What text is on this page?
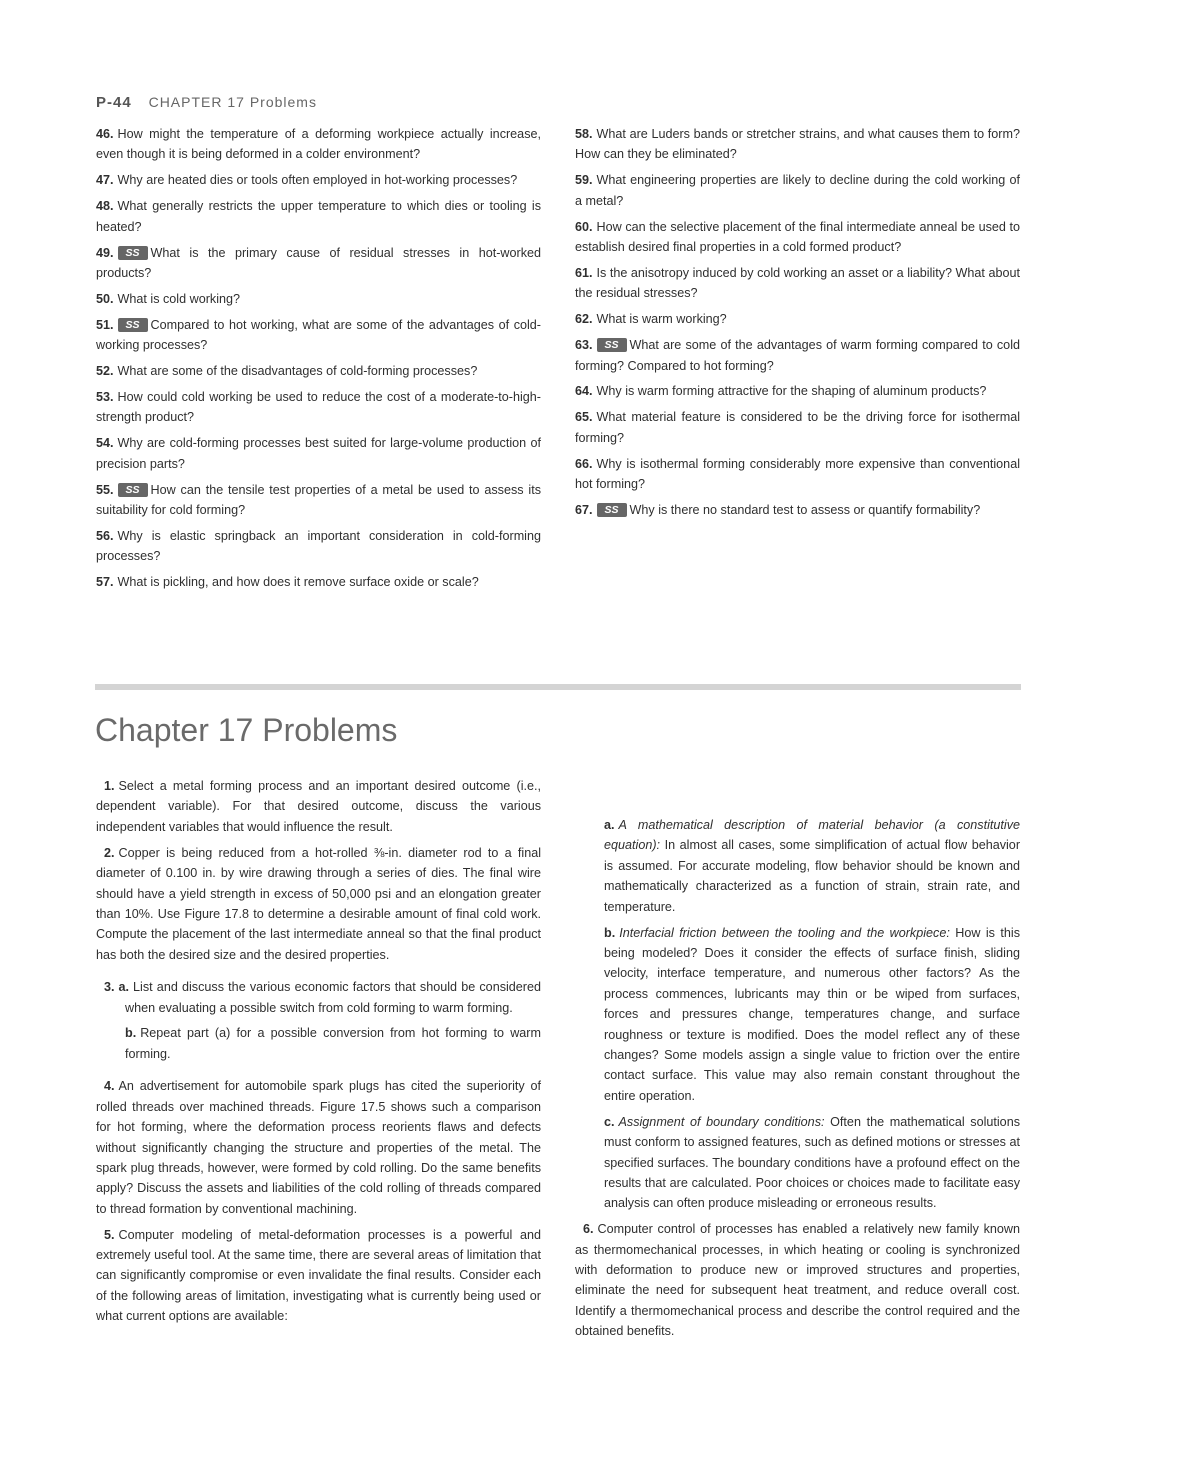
P-44 CHAPTER 17 Problems

46. How might the temperature of a deforming workpiece actually increase, even though it is being deformed in a colder environment?

47. Why are heated dies or tools often employed in hot-working processes?

48. What generally restricts the upper temperature to which dies or tooling is heated?

49. SS What is the primary cause of residual stresses in hot-worked products?

50. What is cold working?

51. SS Compared to hot working, what are some of the advantages of cold-working processes?

52. What are some of the disadvantages of cold-forming processes?

53. How could cold working be used to reduce the cost of a moderate-to-high-strength product?

54. Why are cold-forming processes best suited for large-volume production of precision parts?

55. SS How can the tensile test properties of a metal be used to assess its suitability for cold forming?

56. Why is elastic springback an important consideration in cold-forming processes?

57. What is pickling, and how does it remove surface oxide or scale?

58. What are Luders bands or stretcher strains, and what causes them to form? How can they be eliminated?

59. What engineering properties are likely to decline during the cold working of a metal?

60. How can the selective placement of the final intermediate anneal be used to establish desired final properties in a cold formed product?

61. Is the anisotropy induced by cold working an asset or a liability? What about the residual stresses?

62. What is warm working?

63. SS What are some of the advantages of warm forming compared to cold forming? Compared to hot forming?

64. Why is warm forming attractive for the shaping of aluminum products?

65. What material feature is considered to be the driving force for isothermal forming?

66. Why is isothermal forming considerably more expensive than conventional hot forming?

67. SS Why is there no standard test to assess or quantify formability?

Chapter 17 Problems

1. Select a metal forming process and an important desired outcome (i.e., dependent variable). For that desired outcome, discuss the various independent variables that would influence the result.

2. Copper is being reduced from a hot-rolled ⅜-in. diameter rod to a final diameter of 0.100 in. by wire drawing through a series of dies. The final wire should have a yield strength in excess of 50,000 psi and an elongation greater than 10%. Use Figure 17.8 to determine a desirable amount of final cold work. Compute the placement of the last intermediate anneal so that the final product has both the desired size and the desired properties.

3. a. List and discuss the various economic factors that should be considered when evaluating a possible switch from cold forming to warm forming.

b. Repeat part (a) for a possible conversion from hot forming to warm forming.

4. An advertisement for automobile spark plugs has cited the superiority of rolled threads over machined threads. Figure 17.5 shows such a comparison for hot forming, where the deformation process reorients flaws and defects without significantly changing the structure and properties of the metal. The spark plug threads, however, were formed by cold rolling. Do the same benefits apply? Discuss the assets and liabilities of the cold rolling of threads compared to thread formation by conventional machining.

5. Computer modeling of metal-deformation processes is a powerful and extremely useful tool. At the same time, there are several areas of limitation that can significantly compromise or even invalidate the final results. Consider each of the following areas of limitation, investigating what is currently being used or what current options are available:

a. A mathematical description of material behavior (a constitutive equation): In almost all cases, some simplification of actual flow behavior is assumed. For accurate modeling, flow behavior should be known and mathematically characterized as a function of strain, strain rate, and temperature.

b. Interfacial friction between the tooling and the workpiece: How is this being modeled? Does it consider the effects of surface finish, sliding velocity, interface temperature, and numerous other factors? As the process commences, lubricants may thin or be wiped from surfaces, forces and pressures change, temperatures change, and surface roughness or texture is modified. Does the model reflect any of these changes? Some models assign a single value to friction over the entire contact surface. This value may also remain constant throughout the entire operation.

c. Assignment of boundary conditions: Often the mathematical solutions must conform to assigned features, such as defined motions or stresses at specified surfaces. The boundary conditions have a profound effect on the results that are calculated. Poor choices or choices made to facilitate easy analysis can often produce misleading or erroneous results.

6. Computer control of processes has enabled a relatively new family known as thermomechanical processes, in which heating or cooling is synchronized with deformation to produce new or improved structures and properties, eliminate the need for subsequent heat treatment, and reduce overall cost. Identify a thermomechanical process and describe the control required and the obtained benefits.
